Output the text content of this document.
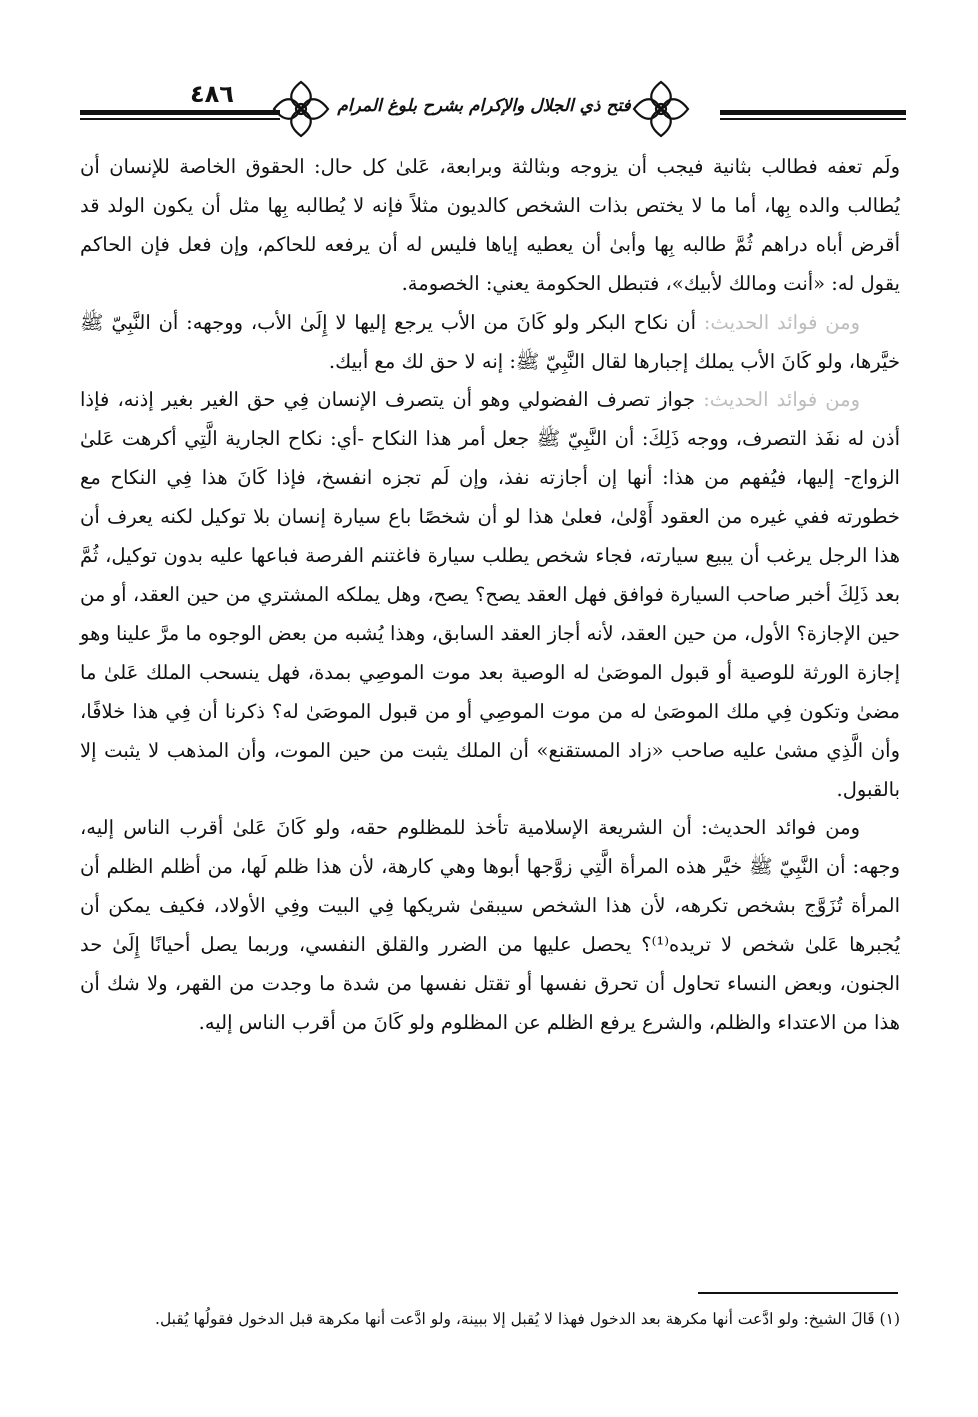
فتح ذي الجلال والإكرام بشرح بلوغ المرام
٤٨٦

ولَم تعفه فطالب بثانية فيجب أن يزوجه وبثالثة وبرابعة، عَلىٰ كل حال: الحقوق الخاصة للإنسان أن يُطالب والده بِها، أما ما لا يختص بذات الشخص كالديون مثلاً فإنه لا يُطالبه بِها مثل أن يكون الولد قد أقرض أباه دراهم ثُمَّ طالبه بِها وأبىٰ أن يعطيه إياها فليس له أن يرفعه للحاكم، وإن فعل فإن الحاكم يقول له: «أنت ومالك لأبيك»، فتبطل الحكومة يعني: الخصومة.

ومن فوائد الحديث: أن نكاح البكر ولو كَانَ من الأب يرجع إليها لا إِلَىٰ الأب، ووجهه: أن النَّبِيّ ﷺ خيَّرها، ولو كَانَ الأب يملك إجبارها لقال النَّبِيّ ﷺ: إنه لا حق لك مع أبيك.

ومن فوائد الحديث: جواز تصرف الفضولي وهو أن يتصرف الإنسان فِي حق الغير بغير إذنه، فإذا أذن له نفَذ التصرف، ووجه ذَلِكَ: أن النَّبِيّ ﷺ جعل أمر هذا النكاح -أي: نكاح الجارية الَّتِي أكرهت عَلىٰ الزواج- إليها، فيُفهم من هذا: أنها إن أجازته نفذ، وإن لَم تجزه انفسخ، فإذا كَانَ هذا فِي النكاح مع خطورته ففي غيره من العقود أَوْلىٰ، فعلىٰ هذا لو أن شخصًا باع سيارة إنسان بلا توكيل لكنه يعرف أن هذا الرجل يرغب أن يبيع سيارته، فجاء شخص يطلب سيارة فاغتنم الفرصة فباعها عليه بدون توكيل، ثُمَّ بعد ذَلِكَ أخبر صاحب السيارة فوافق فهل العقد يصح؟ يصح، وهل يملكه المشتري من حين العقد، أو من حين الإجازة؟ الأول، من حين العقد، لأنه أجاز العقد السابق، وهذا يُشبه من بعض الوجوه ما مرَّ علينا وهو إجازة الورثة للوصية أو قبول الموصَىٰ له الوصية بعد موت الموصِي بمدة، فهل ينسحب الملك عَلىٰ ما مضىٰ وتكون فِي ملك الموصَىٰ له من موت الموصِي أو من قبول الموصَىٰ له؟ ذكرنا أن فِي هذا خلافًا، وأن الَّذِي مشىٰ عليه صاحب «زاد المستقنع» أن الملك يثبت من حين الموت، وأن المذهب لا يثبت إلا بالقبول.

ومن فوائد الحديث: أن الشريعة الإسلامية تأخذ للمظلوم حقه، ولو كَانَ عَلىٰ أقرب الناس إليه، وجهه: أن النَّبِيّ ﷺ خيَّر هذه المرأة الَّتِي زوَّجها أبوها وهي كارهة، لأن هذا ظلم لَها، من أظلم الظلم أن المرأة تُزَوَّج بشخص تكرهه، لأن هذا الشخص سيبقىٰ شريكها فِي البيت وفِي الأولاد، فكيف يمكن أن يُجبرها عَلىٰ شخص لا تريده⁽¹⁾؟ يحصل عليها من الضرر والقلق النفسي، وربما يصل أحيانًا إِلَىٰ حد الجنون، وبعض النساء تحاول أن تحرق نفسها أو تقتل نفسها من شدة ما وجدت من القهر، ولا شك أن هذا من الاعتداء والظلم، والشرع يرفع الظلم عن المظلوم ولو كَانَ من أقرب الناس إليه.

(١) قَالَ الشيخ: ولو ادَّعت أنها مكرهة بعد الدخول فهذا لا يُقبل إلا ببينة، ولو ادَّعت أنها مكرهة قبل الدخول فقولُها يُقبل.
